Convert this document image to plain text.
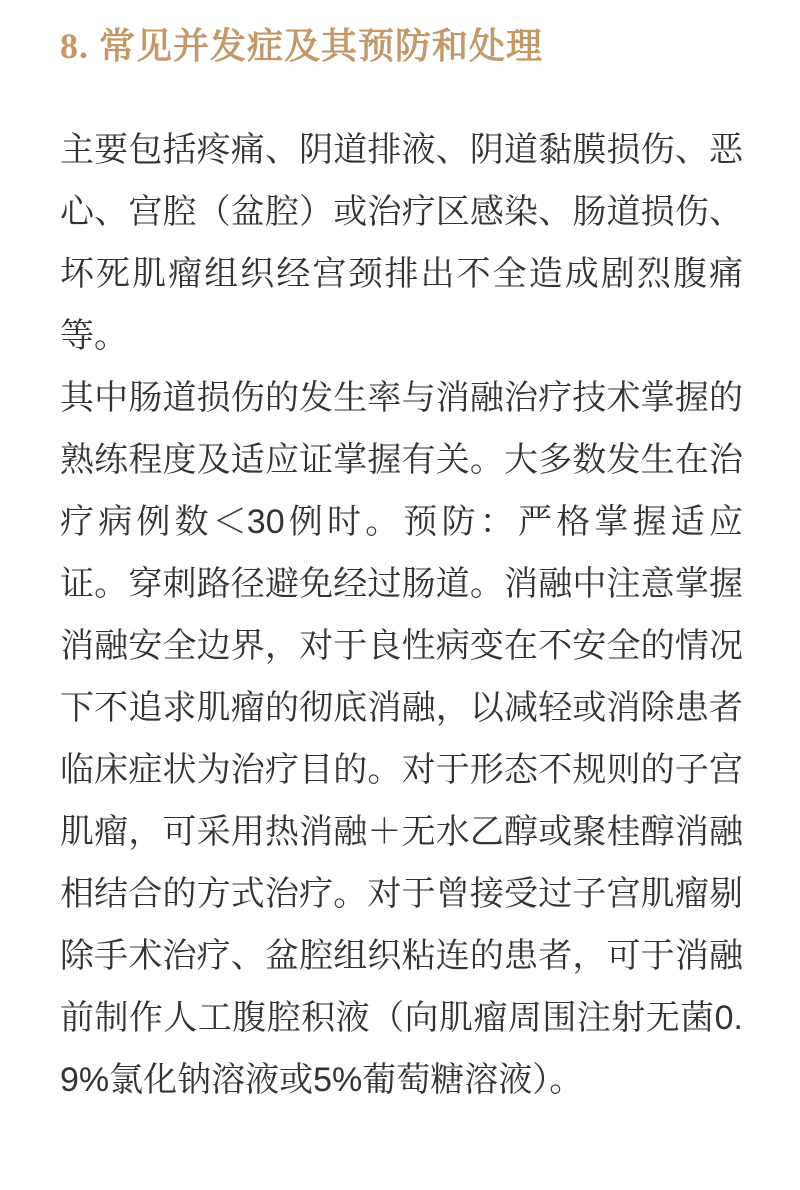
8. 常见并发症及其预防和处理

主要包括疼痛、阴道排液、阴道黏膜损伤、恶心、宫腔（盆腔）或治疗区感染、肠道损伤、坏死肌瘤组织经宫颈排出不全造成剧烈腹痛等。

其中肠道损伤的发生率与消融治疗技术掌握的熟练程度及适应证掌握有关。大多数发生在治疗病例数＜30例时。预防：严格掌握适应证。穿刺路径避免经过肠道。消融中注意掌握消融安全边界，对于良性病变在不安全的情况下不追求肌瘤的彻底消融，以减轻或消除患者临床症状为治疗目的。对于形态不规则的子宫肌瘤，可采用热消融＋无水乙醇或聚桂醇消融相结合的方式治疗。对于曾接受过子宫肌瘤剔除手术治疗、盆腔组织粘连的患者，可于消融前制作人工腹腔积液（向肌瘤周围注射无菌0.9%氯化钠溶液或5%葡萄糖溶液）。
